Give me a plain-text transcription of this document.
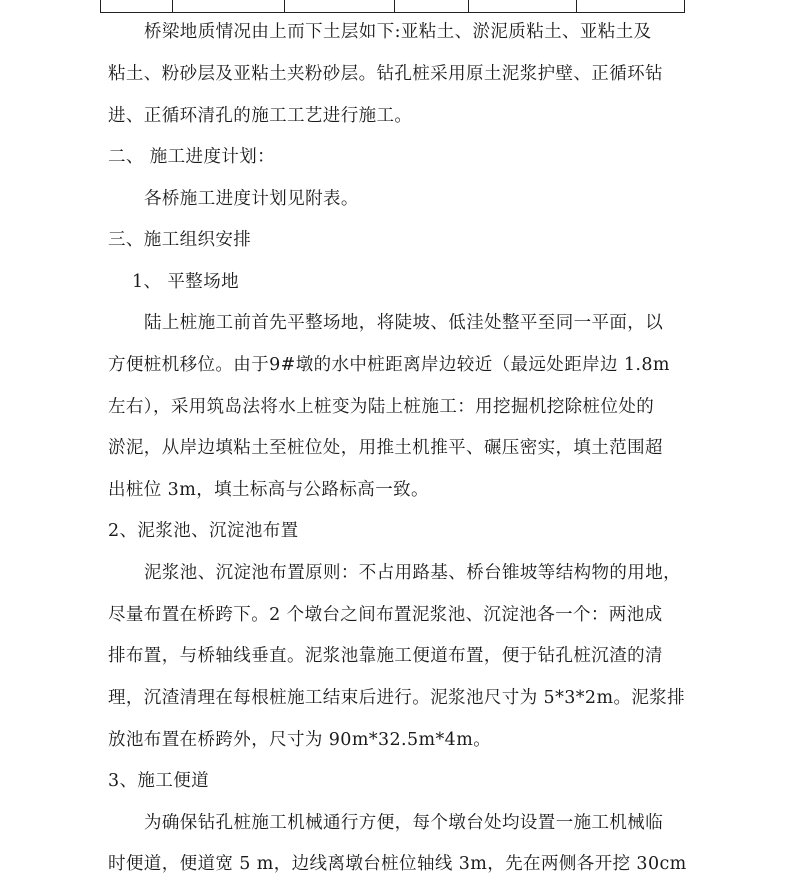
桥梁地质情况由上而下土层如下:亚粘土、淤泥质粘土、亚粘土及
粘土、粉砂层及亚粘土夹粉砂层。钻孔桩采用原土泥浆护壁、正循环钻
进、正循环清孔的施工工艺进行施工。
二、 施工进度计划：
各桥施工进度计划见附表。
三、施工组织安排
1、 平整场地
陆上桩施工前首先平整场地，将陡坡、低洼处整平至同一平面，以
方便桩机移位。由于9#墩的水中桩距离岸边较近（最远处距岸边 1.8m
左右），采用筑岛法将水上桩变为陆上桩施工：用挖掘机挖除桩位处的
淤泥，从岸边填粘土至桩位处，用推土机推平、碾压密实，填土范围超
出桩位 3m，填土标高与公路标高一致。
2、泥浆池、沉淀池布置
泥浆池、沉淀池布置原则：不占用路基、桥台锥坡等结构物的用地，
尽量布置在桥跨下。2 个墩台之间布置泥浆池、沉淀池各一个：两池成
排布置，与桥轴线垂直。泥浆池靠施工便道布置，便于钻孔桩沉渣的清
理，沉渣清理在每根桩施工结束后进行。泥浆池尺寸为 5*3*2m。泥浆排
放池布置在桥跨外，尺寸为 90m*32.5m*4m。
3、施工便道
为确保钻孔桩施工机械通行方便，每个墩台处均设置一施工机械临
时便道，便道宽 5 m，边线离墩台桩位轴线 3m，先在两侧各开挖 30cm
